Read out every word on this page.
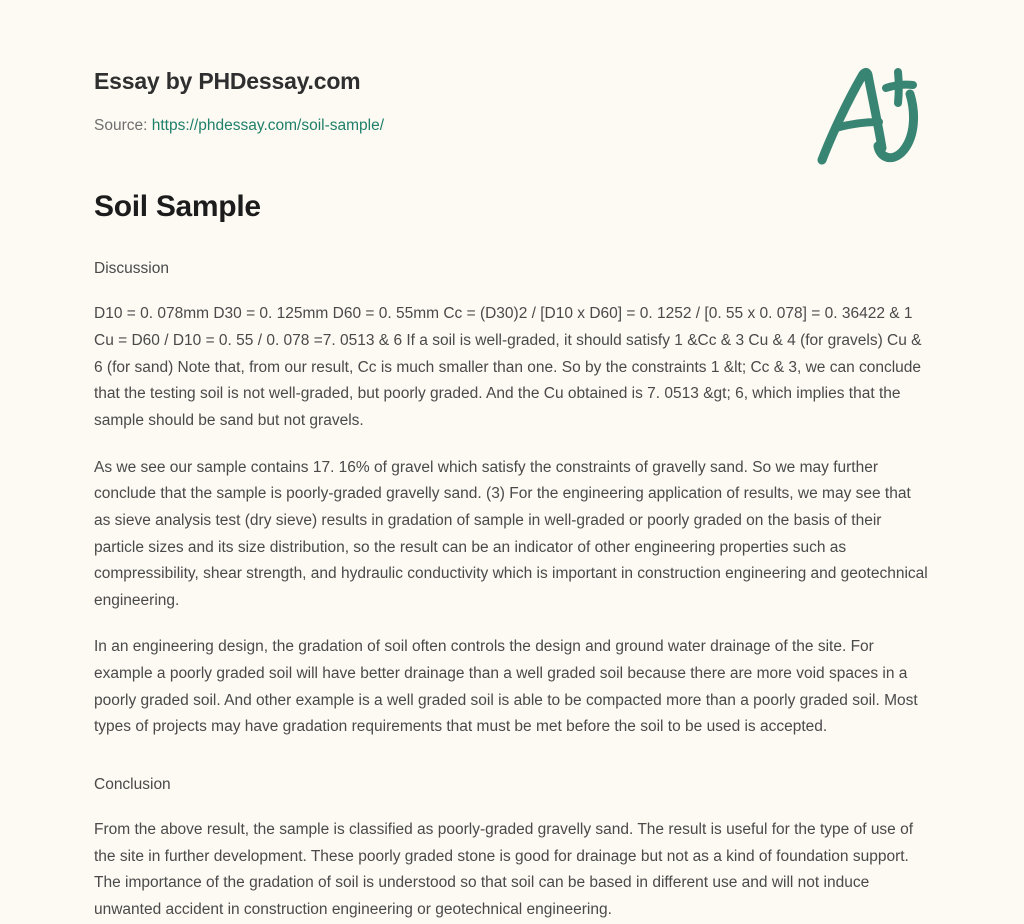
Essay by PHDessay.com

Source: https://phdessay.com/soil-sample/

Soil Sample

Discussion

D10 = 0. 078mm D30 = 0. 125mm D60 = 0. 55mm Cc = (D30)2 / [D10 x D60] = 0. 1252 / [0. 55 x 0. 078] = 0. 36422 & 1 Cu = D60 / D10 = 0. 55 / 0. 078 =7. 0513 & 6 If a soil is well-graded, it should satisfy 1 &Cc & 3 Cu & 4 (for gravels) Cu & 6 (for sand) Note that, from our result, Cc is much smaller than one. So by the constraints 1 &lt; Cc & 3, we can conclude that the testing soil is not well-graded, but poorly graded. And the Cu obtained is 7. 0513 &gt; 6, which implies that the sample should be sand but not gravels.

As we see our sample contains 17. 16% of gravel which satisfy the constraints of gravelly sand. So we may further conclude that the sample is poorly-graded gravelly sand. (3) For the engineering application of results, we may see that as sieve analysis test (dry sieve) results in gradation of sample in well-graded or poorly graded on the basis of their particle sizes and its size distribution, so the result can be an indicator of other engineering properties such as compressibility, shear strength, and hydraulic conductivity which is important in construction engineering and geotechnical engineering.

In an engineering design, the gradation of soil often controls the design and ground water drainage of the site. For example a poorly graded soil will have better drainage than a well graded soil because there are more void spaces in a poorly graded soil. And other example is a well graded soil is able to be compacted more than a poorly graded soil. Most types of projects may have gradation requirements that must be met before the soil to be used is accepted.

Conclusion

From the above result, the sample is classified as poorly-graded gravelly sand. The result is useful for the type of use of the site in further development. These poorly graded stone is good for drainage but not as a kind of foundation support. The importance of the gradation of soil is understood so that soil can be based in different use and will not induce unwanted accident in construction engineering or geotechnical engineering.
